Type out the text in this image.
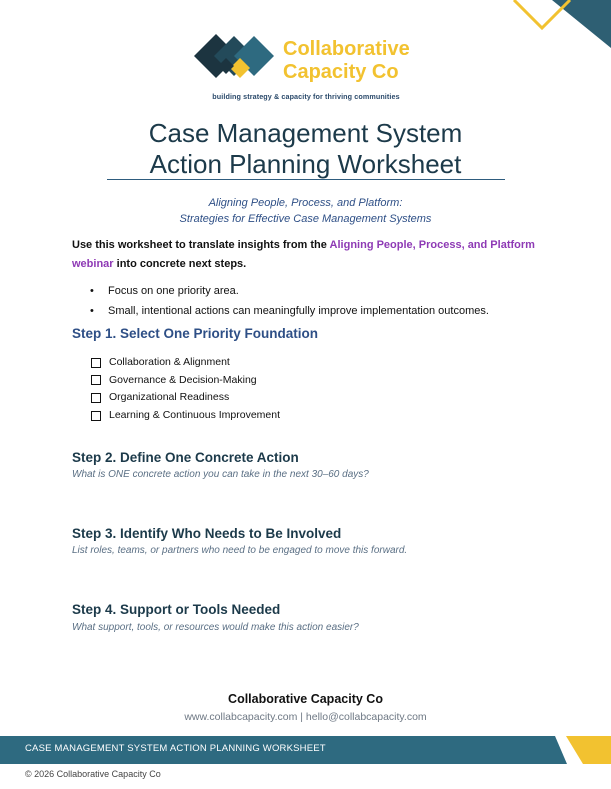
Collaborative
Capacity Co
building strategy & capacity for thriving communities
Case Management System
Action Planning Worksheet
Aligning People, Process, and Platform:
Strategies for Effective Case Management Systems
Use this worksheet to translate insights from the Aligning People, Process, and Platform webinar into concrete next steps.
• Focus on one priority area.
• Small, intentional actions can meaningfully improve implementation outcomes.
Step 1. Select One Priority Foundation
Collaboration & Alignment
Governance & Decision-Making
Organizational Readiness
Learning & Continuous Improvement
Step 2. Define One Concrete Action
What is ONE concrete action you can take in the next 30–60 days?
Step 3. Identify Who Needs to Be Involved
List roles, teams, or partners who need to be engaged to move this forward.
Step 4. Support or Tools Needed
What support, tools, or resources would make this action easier?
Collaborative Capacity Co
www.collabcapacity.com | hello@collabcapacity.com
CASE MANAGEMENT SYSTEM ACTION PLANNING WORKSHEET
© 2026 Collaborative Capacity Co
